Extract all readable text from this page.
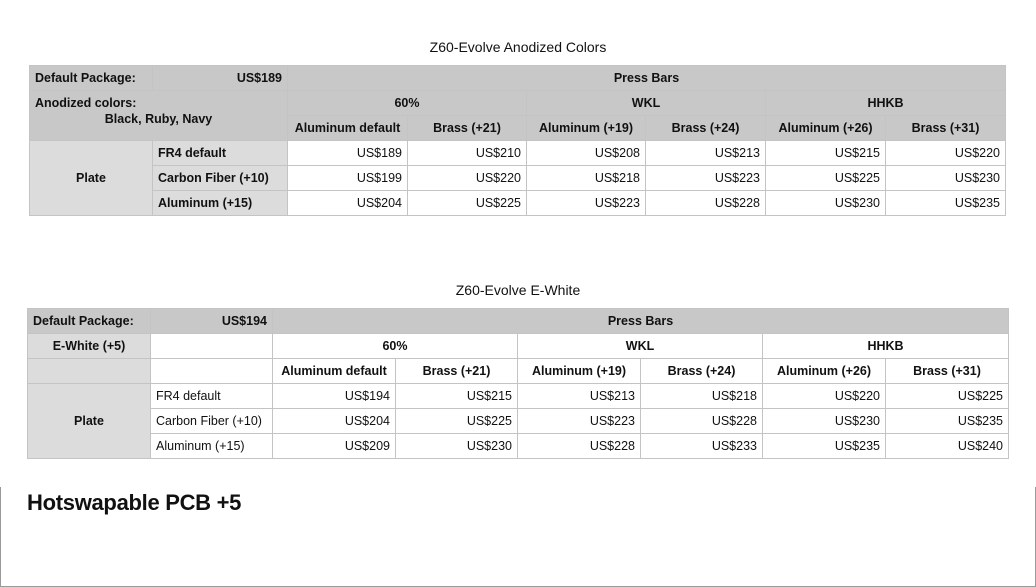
Z60-Evolve Anodized Colors
Default Package:	US$189	Press Bars					
Anodized colors:
Black, Ruby, Navy		60%		WKL		HHKB	
		Aluminum default	Brass (+21)	Aluminum (+19)	Brass (+24)	Aluminum (+26)	Brass (+31)
Plate	FR4 default	US$189	US$210	US$208	US$213	US$215	US$220
	Carbon Fiber (+10)	US$199	US$220	US$218	US$223	US$225	US$230
	Aluminum (+15)	US$204	US$225	US$223	US$228	US$230	US$235
Z60-Evolve E-White
Default Package:	US$194	Press Bars					
E-White (+5)		60%		WKL		HHKB	
		Aluminum default	Brass (+21)	Aluminum (+19)	Brass (+24)	Aluminum (+26)	Brass (+31)
Plate	FR4 default	US$194	US$215	US$213	US$218	US$220	US$225
	Carbon Fiber (+10)	US$204	US$225	US$223	US$228	US$230	US$235
	Aluminum (+15)	US$209	US$230	US$228	US$233	US$235	US$240
Hotswapable PCB +5
